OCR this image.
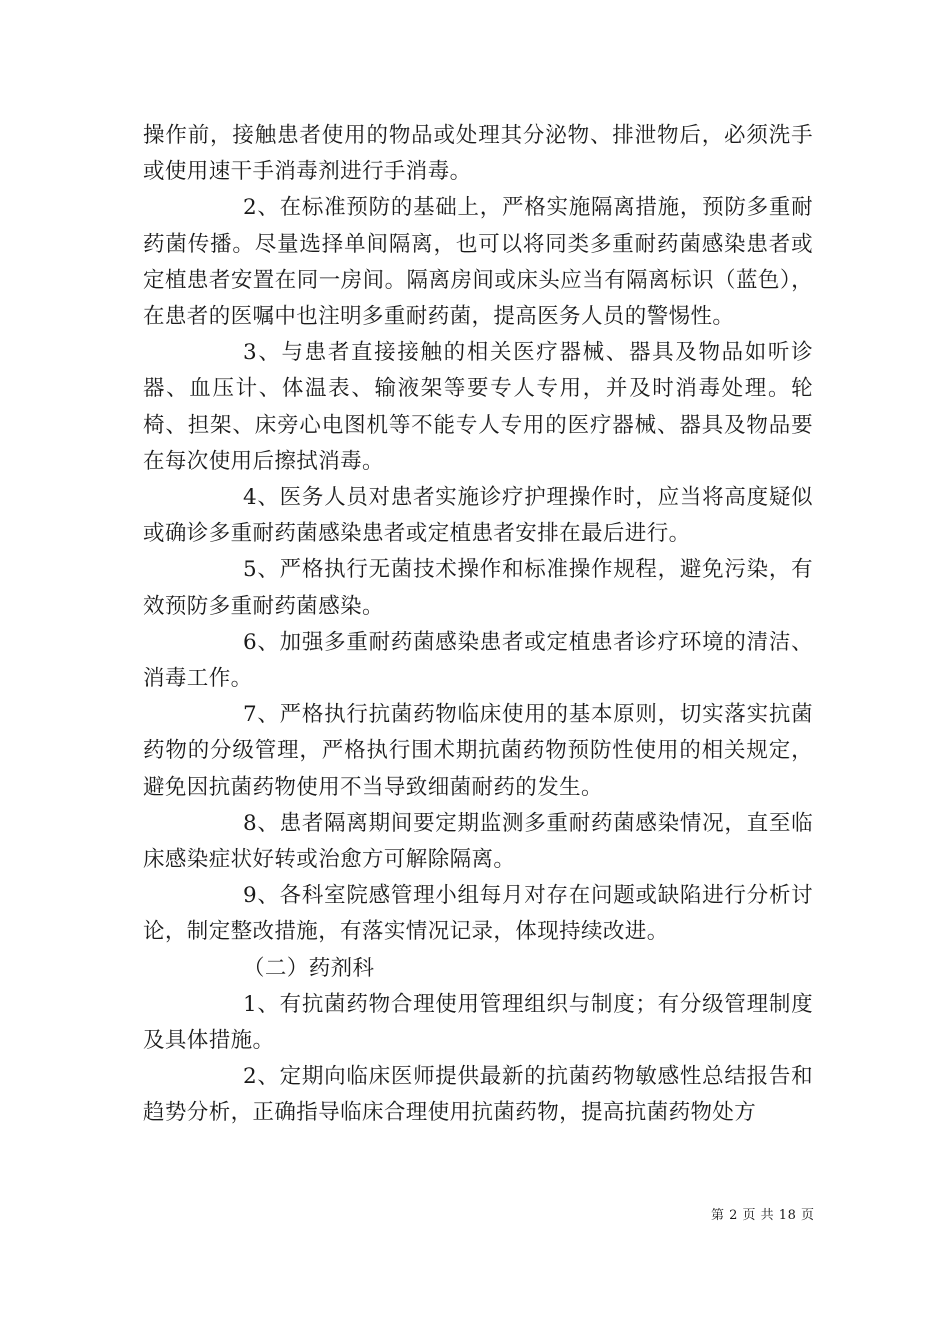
操作前，接触患者使用的物品或处理其分泌物、排泄物后，必须洗手或使用速干手消毒剂进行手消毒。

2、在标准预防的基础上，严格实施隔离措施，预防多重耐药菌传播。尽量选择单间隔离，也可以将同类多重耐药菌感染患者或定植患者安置在同一房间。隔离房间或床头应当有隔离标识（蓝色），在患者的医嘱中也注明多重耐药菌，提高医务人员的警惕性。

3、与患者直接接触的相关医疗器械、器具及物品如听诊器、血压计、体温表、输液架等要专人专用，并及时消毒处理。轮椅、担架、床旁心电图机等不能专人专用的医疗器械、器具及物品要在每次使用后擦拭消毒。

4、医务人员对患者实施诊疗护理操作时，应当将高度疑似或确诊多重耐药菌感染患者或定植患者安排在最后进行。

5、严格执行无菌技术操作和标准操作规程，避免污染，有效预防多重耐药菌感染。

6、加强多重耐药菌感染患者或定植患者诊疗环境的清洁、消毒工作。

7、严格执行抗菌药物临床使用的基本原则，切实落实抗菌药物的分级管理，严格执行围术期抗菌药物预防性使用的相关规定，避免因抗菌药物使用不当导致细菌耐药的发生。

8、患者隔离期间要定期监测多重耐药菌感染情况，直至临床感染症状好转或治愈方可解除隔离。

9、各科室院感管理小组每月对存在问题或缺陷进行分析讨论，制定整改措施，有落实情况记录，体现持续改进。

（二）药剂科

1、有抗菌药物合理使用管理组织与制度；有分级管理制度及具体措施。

2、定期向临床医师提供最新的抗菌药物敏感性总结报告和趋势分析，正确指导临床合理使用抗菌药物，提高抗菌药物处方

第 2 页 共 18 页
